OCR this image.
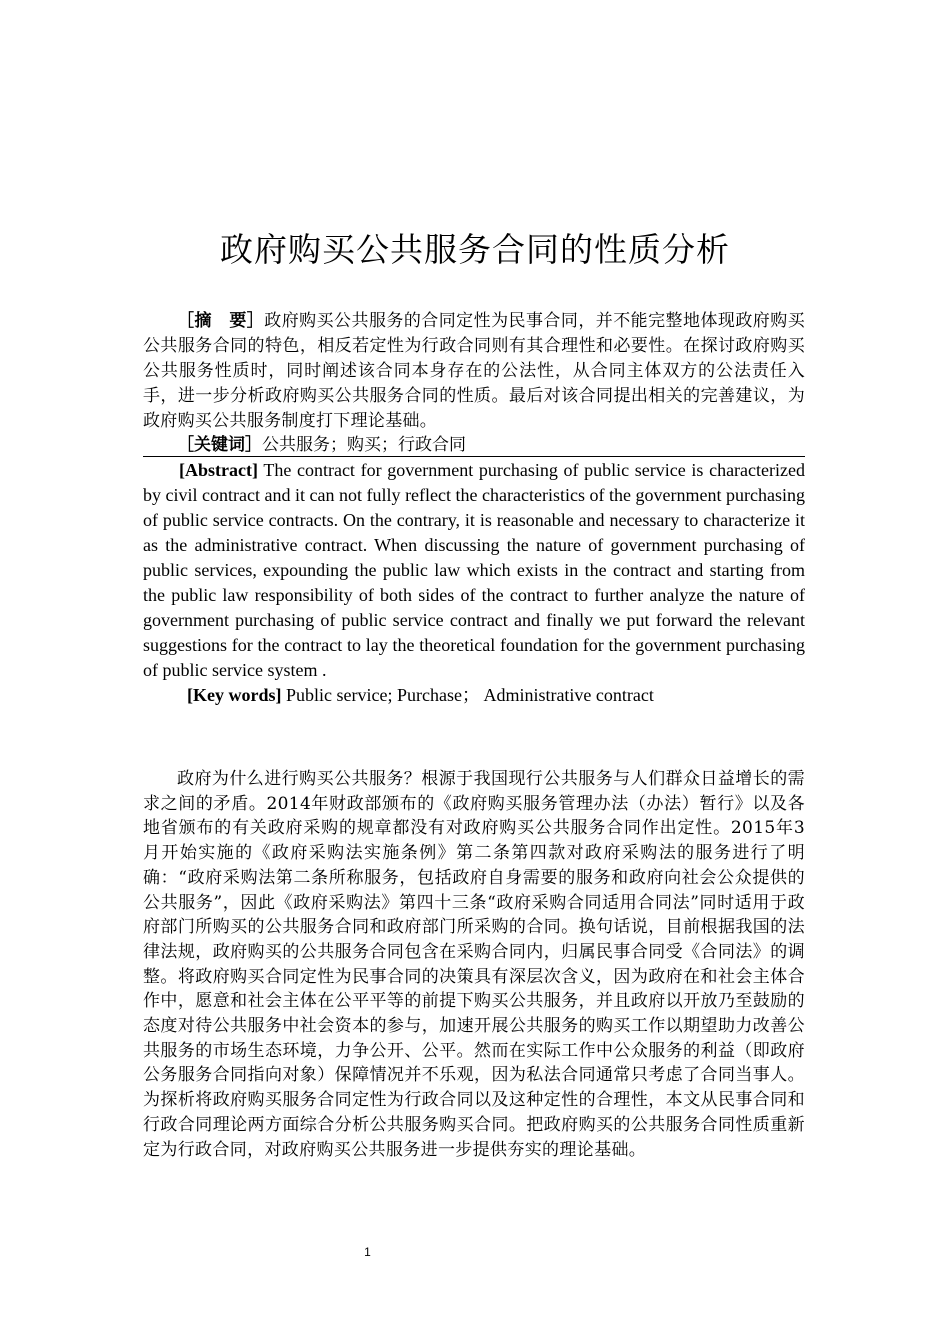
政府购买公共服务合同的性质分析

［摘　要］政府购买公共服务的合同定性为民事合同，并不能完整地体现政府购买公共服务合同的特色，相反若定性为行政合同则有其合理性和必要性。在探讨政府购买公共服务性质时，同时阐述该合同本身存在的公法性，从合同主体双方的公法责任入手，进一步分析政府购买公共服务合同的性质。最后对该合同提出相关的完善建议，为政府购买公共服务制度打下理论基础。

［关键词］公共服务；购买；行政合同

[Abstract] The contract for government purchasing of public service is characterized by civil contract and it can not fully reflect the characteristics of the government purchasing of public service contracts. On the contrary, it is reasonable and necessary to characterize it as the administrative contract. When discussing the nature of government purchasing of public services, expounding the public law which exists in the contract and starting from the public law responsibility of both sides of the contract to further analyze the nature of government purchasing of public service contract and finally we put forward the relevant suggestions for the contract to lay the theoretical foundation for the government purchasing of public service system .

[Key words] Public service; Purchase； Administrative contract

政府为什么进行购买公共服务？根源于我国现行公共服务与人们群众日益增长的需求之间的矛盾。2014年财政部颁布的《政府购买服务管理办法（办法）暂行》以及各地省颁布的有关政府采购的规章都没有对政府购买公共服务合同作出定性。2015年3月开始实施的《政府采购法实施条例》第二条第四款对政府采购法的服务进行了明确：“政府采购法第二条所称服务，包括政府自身需要的服务和政府向社会公众提供的公共服务”，因此《政府采购法》第四十三条“政府采购合同适用合同法”同时适用于政府部门所购买的公共服务合同和政府部门所采购的合同。换句话说，目前根据我国的法律法规，政府购买的公共服务合同包含在采购合同内，归属民事合同受《合同法》的调整。将政府购买合同定性为民事合同的决策具有深层次含义，因为政府在和社会主体合作中，愿意和社会主体在公平平等的前提下购买公共服务，并且政府以开放乃至鼓励的态度对待公共服务中社会资本的参与，加速开展公共服务的购买工作以期望助力改善公共服务的市场生态环境，力争公开、公平。然而在实际工作中公众服务的利益（即政府公务服务合同指向对象）保障情况并不乐观，因为私法合同通常只考虑了合同当事人。为探析将政府购买服务合同定性为行政合同以及这种定性的合理性，本文从民事合同和行政合同理论两方面综合分析公共服务购买合同。把政府购买的公共服务合同性质重新定为行政合同，对政府购买公共服务进一步提供夯实的理论基础。

1
